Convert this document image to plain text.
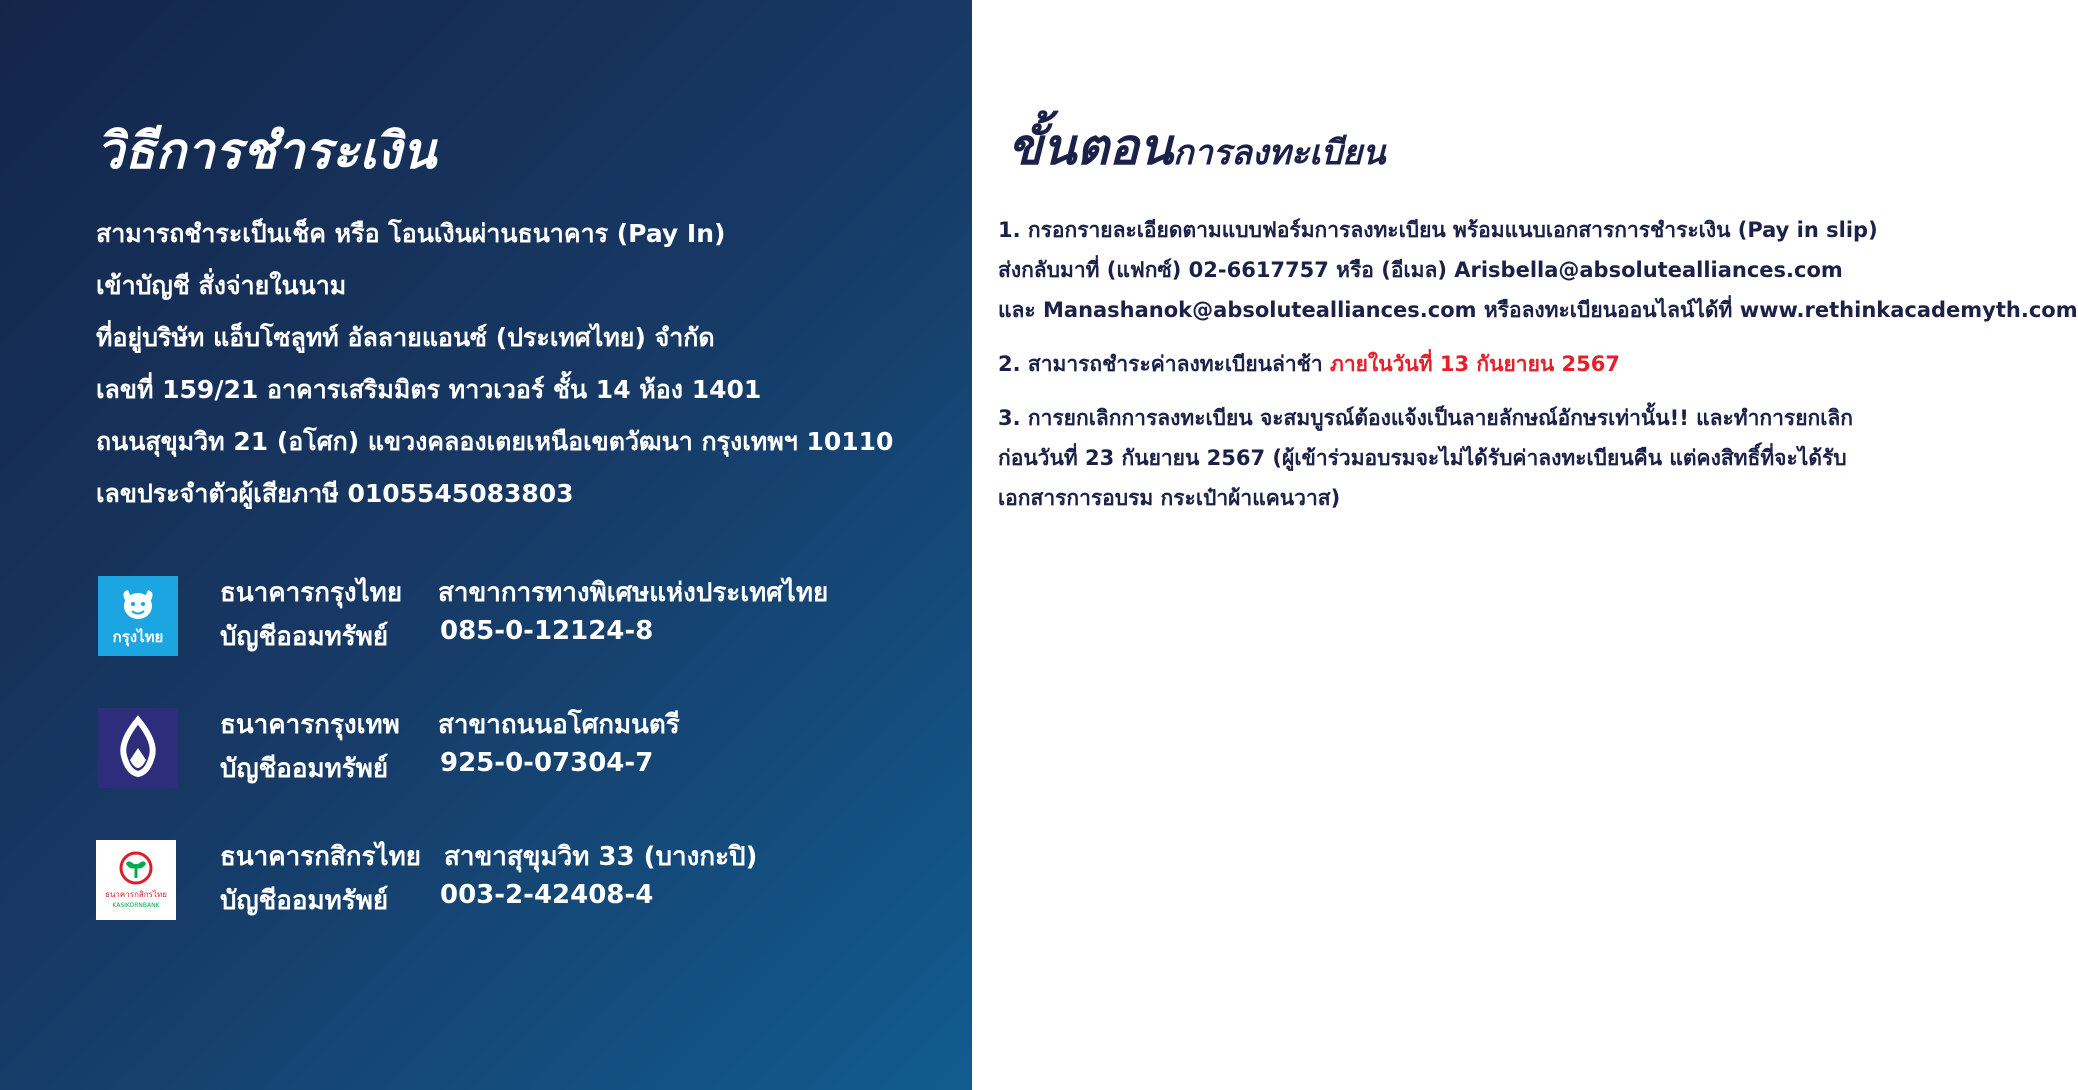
วิธีการชำระเงิน
สามารถชำระเป็นเช็ค หรือ โอนเงินผ่านธนาคาร (Pay In)
เข้าบัญชี สั่งจ่ายในนาม
ที่อยู่บริษัท แอ็บโซลูทท์ อัลลายแอนซ์ (ประเทศไทย) จำกัด
เลขที่ 159/21 อาคารเสริมมิตร ทาวเวอร์ ชั้น 14 ห้อง 1401
ถนนสุขุมวิท 21 (อโศก) แขวงคลองเตยเหนือเขตวัฒนา กรุงเทพฯ 10110
เลขประจำตัวผู้เสียภาษี 0105545083803
กรุงไทย
ธนาคารกรุงไทย สาขาการทางพิเศษแห่งประเทศไทย
บัญชีออมทรัพย์ 085-0-12124-8
ธนาคารกรุงเทพ สาขาถนนอโศกมนตรี
บัญชีออมทรัพย์ 925-0-07304-7
ธนาคารกสิกรไทย
KASIKORNBANK
ธนาคารกสิกรไทย สาขาสุขุมวิท 33 (บางกะปิ)
บัญชีออมทรัพย์ 003-2-42408-4
ขั้นตอนการลงทะเบียน
1. กรอกรายละเอียดตามแบบฟอร์มการลงทะเบียน พร้อมแนบเอกสารการชำระเงิน (Pay in slip)
ส่งกลับมาที่ (แฟกซ์) 02-6617757 หรือ (อีเมล) Arisbella@absolutealliances.com
และ Manashanok@absolutealliances.com หรือลงทะเบียนออนไลน์ได้ที่ www.rethinkacademyth.com
2. สามารถชำระค่าลงทะเบียนล่าช้า ภายในวันที่ 13 กันยายน 2567
3. การยกเลิกการลงทะเบียน จะสมบูรณ์ต้องแจ้งเป็นลายลักษณ์อักษรเท่านั้น!! และทำการยกเลิก
ก่อนวันที่ 23 กันยายน 2567 (ผู้เข้าร่วมอบรมจะไม่ได้รับค่าลงทะเบียนคืน แต่คงสิทธิ์ที่จะได้รับ
เอกสารการอบรม กระเป๋าผ้าแคนวาส)
